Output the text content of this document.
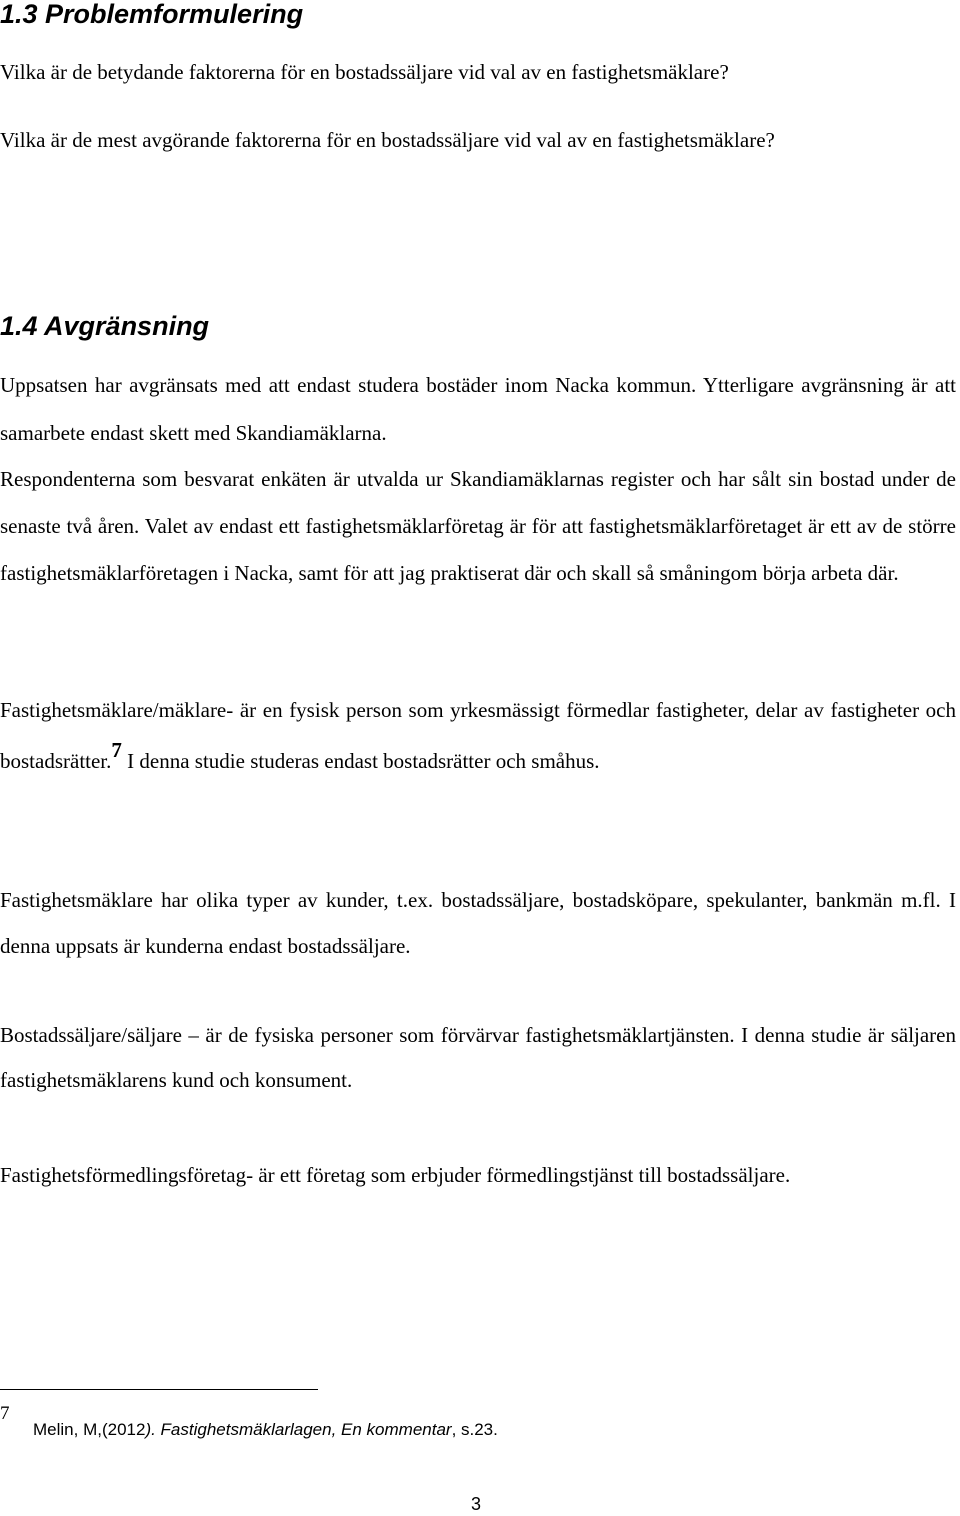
1.3 Problemformulering

Vilka är de betydande faktorerna för en bostadssäljare vid val av en fastighetsmäklare?

Vilka är de mest avgörande faktorerna för en bostadssäljare vid val av en fastighetsmäklare?

1.4 Avgränsning

Uppsatsen har avgränsats med att endast studera bostäder inom Nacka kommun. Ytterligare avgränsning är att samarbete endast skett med Skandiamäklarna.

Respondenterna som besvarat enkäten är utvalda ur Skandiamäklarnas register och har sålt sin bostad under de senaste två åren. Valet av endast ett fastighetsmäklarföretag är för att fastighetsmäklarföretaget är ett av de större fastighetsmäklarföretagen i Nacka, samt för att jag praktiserat där och skall så småningom börja arbeta där.

Fastighetsmäklare/mäklare- är en fysisk person som yrkesmässigt förmedlar fastigheter, delar av fastigheter och bostadsrätter.$^7$ I denna studie studeras endast bostadsrätter och småhus.

Fastighetsmäklare har olika typer av kunder, t.ex. bostadssäljare, bostadsköpare, spekulanter, bankmän m.fl. I denna uppsats är kunderna endast bostadssäljare.

Bostadssäljare/säljare – är de fysiska personer som förvärvar fastighetsmäklartjänsten. I denna studie är säljaren fastighetsmäklarens kund och konsument.

Fastighetsförmedlingsföretag- är ett företag som erbjuder förmedlingstjänst till bostadssäljare.

7
Melin, M,(2012). Fastighetsmäklarlagen, En kommentar, s.23.
3
